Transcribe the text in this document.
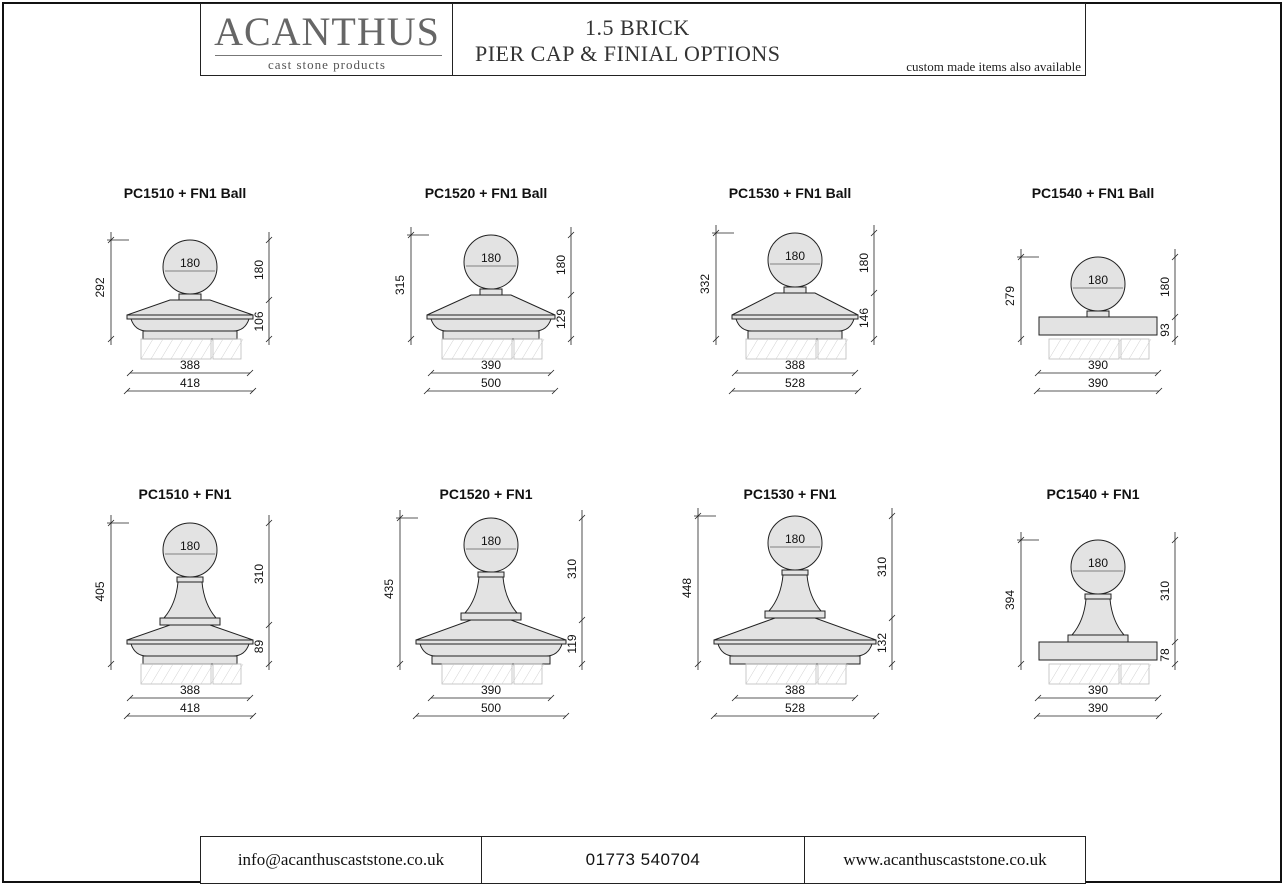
ACANTHUS
cast stone products
1.5 BRICK
PIER CAP & FINIAL OPTIONS
custom made items also available
PC1510 + FN1 Ball
180
292
180
106
388
418
PC1520 + FN1 Ball
180
315
180
129
390
500
PC1530 + FN1 Ball
180
332
180
146
388
528
PC1540 + FN1 Ball
180
279	180
93
390
390
PC1510 + FN1
180
405
310
89
388
418
PC1520 + FN1
180
435
310
119
390
500
PC1530 + FN1
180
448
310
132
388
528
PC1540 + FN1
180
394	310
78
390
390
info@acanthuscaststone.co.uk	01773 540704	www.acanthuscaststone.co.uk
